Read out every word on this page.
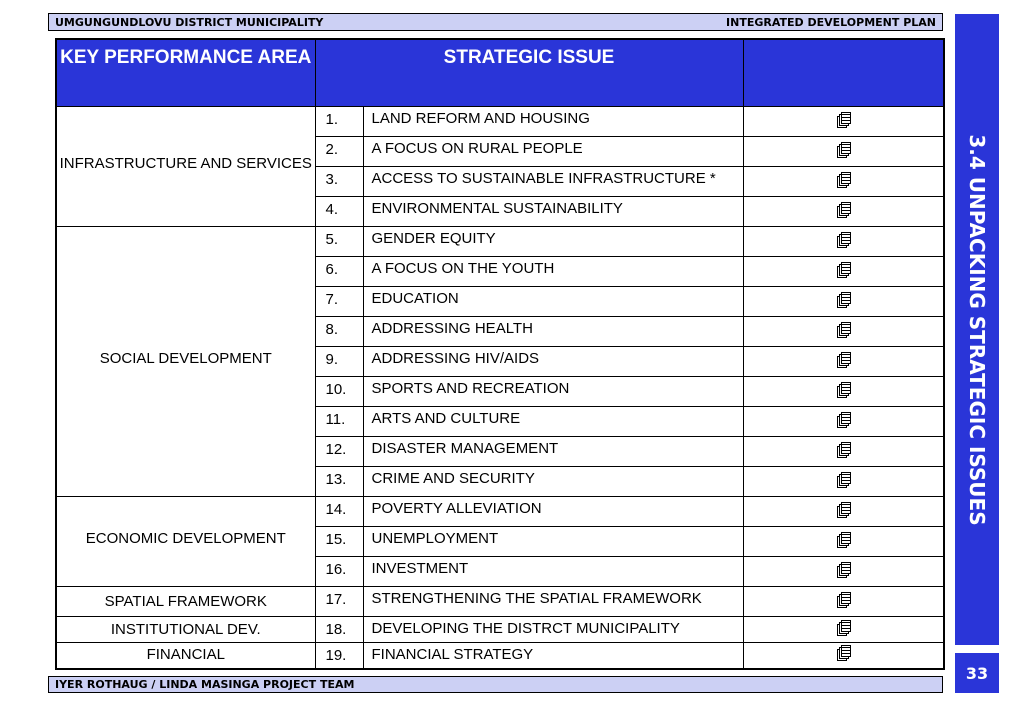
UMGUNGUNDLOVU DISTRICT MUNICIPALITY	INTEGRATED DEVELOPMENT PLAN
KEY PERFORMANCE AREA	STRATEGIC ISSUE		
INFRASTRUCTURE AND SERVICES	1.	LAND REFORM AND HOUSING	

	2.	A FOCUS ON RURAL PEOPLE	

	3.	ACCESS TO SUSTAINABLE INFRASTRUCTURE *	

	4.	ENVIRONMENTAL SUSTAINABILITY	

SOCIAL DEVELOPMENT	5.	GENDER EQUITY	

	6.	A FOCUS ON THE YOUTH	

	7.	EDUCATION	

	8.	ADDRESSING HEALTH	

	9.	ADDRESSING HIV/AIDS	

	10.	SPORTS AND RECREATION	

	11.	ARTS AND CULTURE	

	12.	DISASTER MANAGEMENT	

	13.	CRIME AND SECURITY	

ECONOMIC DEVELOPMENT	14.	POVERTY ALLEVIATION	

	15.	UNEMPLOYMENT	

	16.	INVESTMENT	

SPATIAL FRAMEWORK	17.	STRENGTHENING THE SPATIAL FRAMEWORK	

INSTITUTIONAL DEV.	18.	DEVELOPING THE DISTRCT MUNICIPALITY	

FINANCIAL	19.	FINANCIAL STRATEGY	
3.4 UNPACKING STRATEGIC ISSUES
33
IYER ROTHAUG / LINDA MASINGA PROJECT TEAM
